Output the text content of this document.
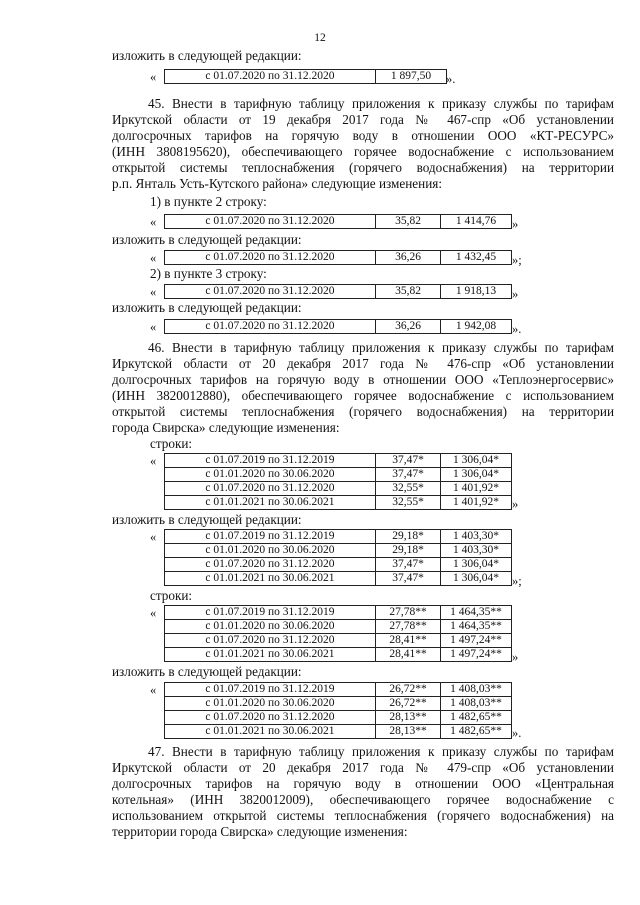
12
изложить в следующей редакции:
«	с 01.07.2020 по 31.12.2020	1 897,50 ».
45. Внести в тарифную таблицу приложения к приказу службы по тарифам
Иркутской области от 19 декабря 2017 года № 467-спр «Об установлении
долгосрочных тарифов на горячую воду в отношении ООО «КТ-РЕСУРС»
(ИНН 3808195620), обеспечивающего горячее водоснабжение с использованием
открытой системы теплоснабжения (горячего водоснабжения) на территории
р.п. Янталь Усть-Кутского района» следующие изменения:
1) в пункте 2 строку:
«	с 01.07.2020 по 31.12.2020	35,82	1 414,76 »
изложить в следующей редакции:
«	с 01.07.2020 по 31.12.2020	36,26	1 432,45 »;
2) в пункте 3 строку:
«	с 01.07.2020 по 31.12.2020	35,82	1 918,13 »
изложить в следующей редакции:
«	с 01.07.2020 по 31.12.2020	36,26	1 942,08 ».
46. Внести в тарифную таблицу приложения к приказу службы по тарифам
Иркутской области от 20 декабря 2017 года № 476-спр «Об установлении
долгосрочных тарифов на горячую воду в отношении ООО «Теплоэнергосервис»
(ИНН 3820012880), обеспечивающего горячее водоснабжение с использованием
открытой системы теплоснабжения (горячего водоснабжения) на территории
города Свирска» следующие изменения:
строки:
«	с 01.07.2019 по 31.12.2019	37,47*	1 306,04*
с 01.01.2020 по 30.06.2020	37,47*	1 306,04*
с 01.07.2020 по 31.12.2020	32,55*	1 401,92*
с 01.01.2021 по 30.06.2021	32,55*	1 401,92* »
изложить в следующей редакции:
«	с 01.07.2019 по 31.12.2019	29,18*	1 403,30*
с 01.01.2020 по 30.06.2020	29,18*	1 403,30*
с 01.07.2020 по 31.12.2020	37,47*	1 306,04*
с 01.01.2021 по 30.06.2021	37,47*	1 306,04* »;
строки:
«	с 01.07.2019 по 31.12.2019	27,78**	1 464,35**
с 01.01.2020 по 30.06.2020	27,78**	1 464,35**
с 01.07.2020 по 31.12.2020	28,41**	1 497,24**
с 01.01.2021 по 30.06.2021	28,41**	1 497,24** »
изложить в следующей редакции:
«	с 01.07.2019 по 31.12.2019	26,72**	1 408,03**
с 01.01.2020 по 30.06.2020	26,72**	1 408,03**
с 01.07.2020 по 31.12.2020	28,13**	1 482,65**
с 01.01.2021 по 30.06.2021	28,13**	1 482,65** ».
47. Внести в тарифную таблицу приложения к приказу службы по тарифам
Иркутской области от 20 декабря 2017 года № 479-спр «Об установлении
долгосрочных тарифов на горячую воду в отношении ООО «Центральная
котельная» (ИНН 3820012009), обеспечивающего горячее водоснабжение с
использованием открытой системы теплоснабжения (горячего водоснабжения) на
территории города Свирска» следующие изменения:
